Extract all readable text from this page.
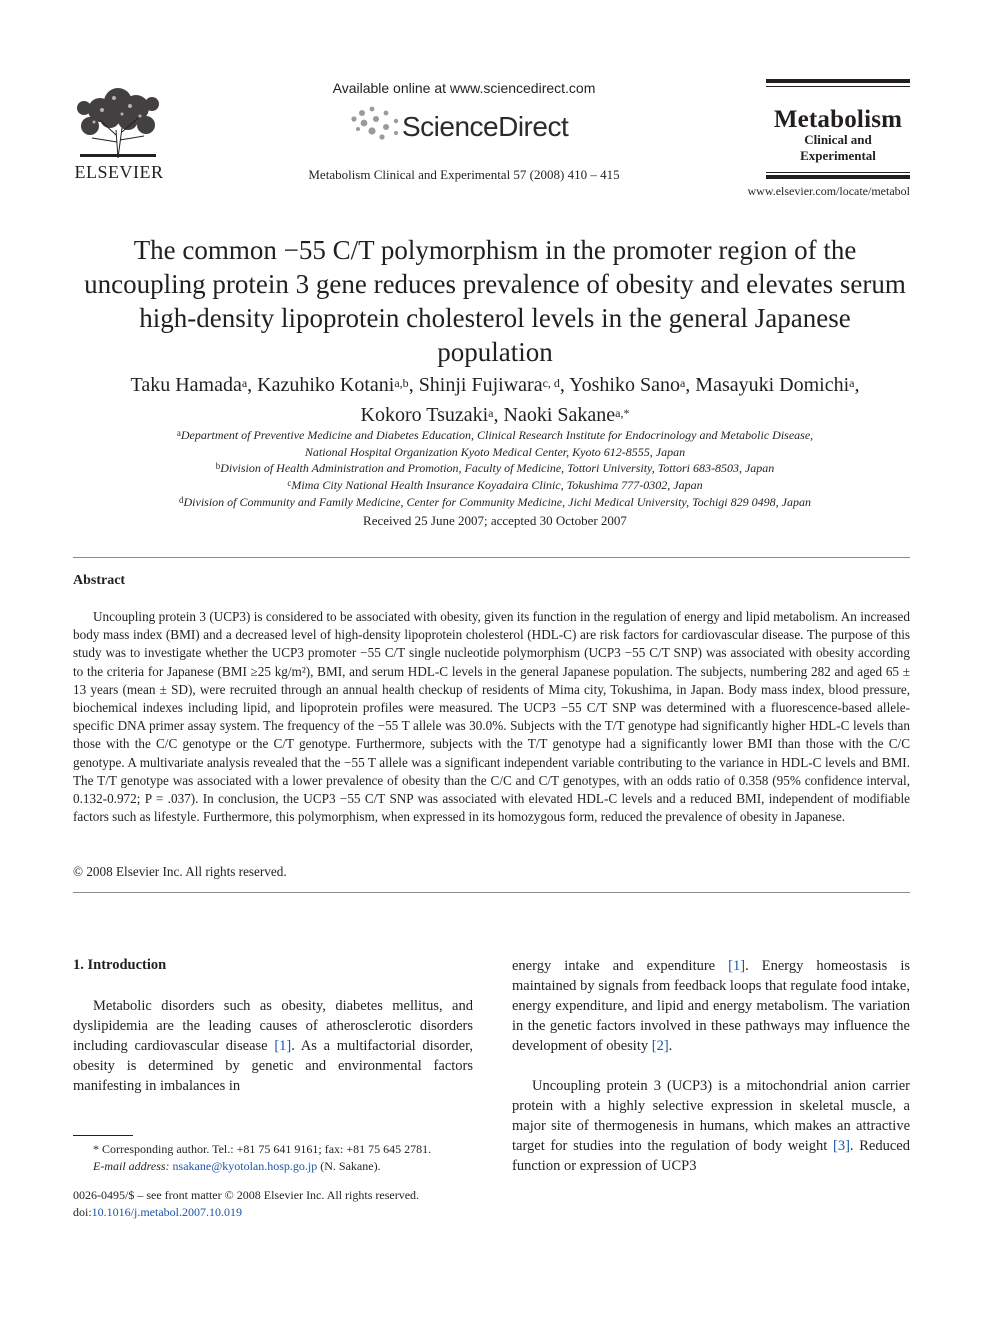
ELSEVIER
Available online at www.sciencedirect.com
ScienceDirect
Metabolism Clinical and Experimental 57 (2008) 410 – 415
Metabolism
Clinical and Experimental
www.elsevier.com/locate/metabol
The common −55 C/T polymorphism in the promoter region of the uncoupling protein 3 gene reduces prevalence of obesity and elevates serum high-density lipoprotein cholesterol levels in the general Japanese population
Taku Hamada$^a$, Kazuhiko Kotani$^{a,b}$, Shinji Fujiwara$^{c, d}$, Yoshiko Sano$^a$, Masayuki Domichi$^a$,
Kokoro Tsuzaki$^a$, Naoki Sakane$^{a,*}$
$^a$Department of Preventive Medicine and Diabetes Education, Clinical Research Institute for Endocrinology and Metabolic Disease,
National Hospital Organization Kyoto Medical Center, Kyoto 612-8555, Japan
$^b$Division of Health Administration and Promotion, Faculty of Medicine, Tottori University, Tottori 683-8503, Japan
$^c$Mima City National Health Insurance Koyadaira Clinic, Tokushima 777-0302, Japan
$^d$Division of Community and Family Medicine, Center for Community Medicine, Jichi Medical University, Tochigi 829 0498, Japan
Received 25 June 2007; accepted 30 October 2007
Abstract
Uncoupling protein 3 (UCP3) is considered to be associated with obesity, given its function in the regulation of energy and lipid metabolism. An increased body mass index (BMI) and a decreased level of high-density lipoprotein cholesterol (HDL-C) are risk factors for cardiovascular disease. The purpose of this study was to investigate whether the UCP3 promoter −55 C/T single nucleotide polymorphism (UCP3 −55 C/T SNP) was associated with obesity according to the criteria for Japanese (BMI ≥25 kg/m²), BMI, and serum HDL-C levels in the general Japanese population. The subjects, numbering 282 and aged 65 ± 13 years (mean ± SD), were recruited through an annual health checkup of residents of Mima city, Tokushima, in Japan. Body mass index, blood pressure, biochemical indexes including lipid, and lipoprotein profiles were measured. The UCP3 −55 C/T SNP was determined with a fluorescence-based allele-specific DNA primer assay system. The frequency of the −55 T allele was 30.0%. Subjects with the T/T genotype had significantly higher HDL-C levels than those with the C/C genotype or the C/T genotype. Furthermore, subjects with the T/T genotype had a significantly lower BMI than those with the C/C genotype. A multivariate analysis revealed that the −55 T allele was a significant independent variable contributing to the variance in HDL-C levels and BMI. The T/T genotype was associated with a lower prevalence of obesity than the C/C and C/T genotypes, with an odds ratio of 0.358 (95% confidence interval, 0.132-0.972; P = .037). In conclusion, the UCP3 −55 C/T SNP was associated with elevated HDL-C levels and a reduced BMI, independent of modifiable factors such as lifestyle. Furthermore, this polymorphism, when expressed in its homozygous form, reduced the prevalence of obesity in Japanese.
© 2008 Elsevier Inc. All rights reserved.
1. Introduction
Metabolic disorders such as obesity, diabetes mellitus, and dyslipidemia are the leading causes of atherosclerotic disorders including cardiovascular disease [1]. As a multifactorial disorder, obesity is determined by genetic and environmental factors manifesting in imbalances in
energy intake and expenditure [1]. Energy homeostasis is maintained by signals from feedback loops that regulate food intake, energy expenditure, and lipid and energy metabolism. The variation in the genetic factors involved in these pathways may influence the development of obesity [2].
Uncoupling protein 3 (UCP3) is a mitochondrial anion carrier protein with a highly selective expression in skeletal muscle, a major site of thermogenesis in humans, which makes an attractive target for studies into the regulation of body weight [3]. Reduced function or expression of UCP3
* Corresponding author. Tel.: +81 75 641 9161; fax: +81 75 645 2781.
E-mail address: nsakane@kyotolan.hosp.go.jp (N. Sakane).
0026-0495/$ – see front matter © 2008 Elsevier Inc. All rights reserved.
doi:10.1016/j.metabol.2007.10.019
